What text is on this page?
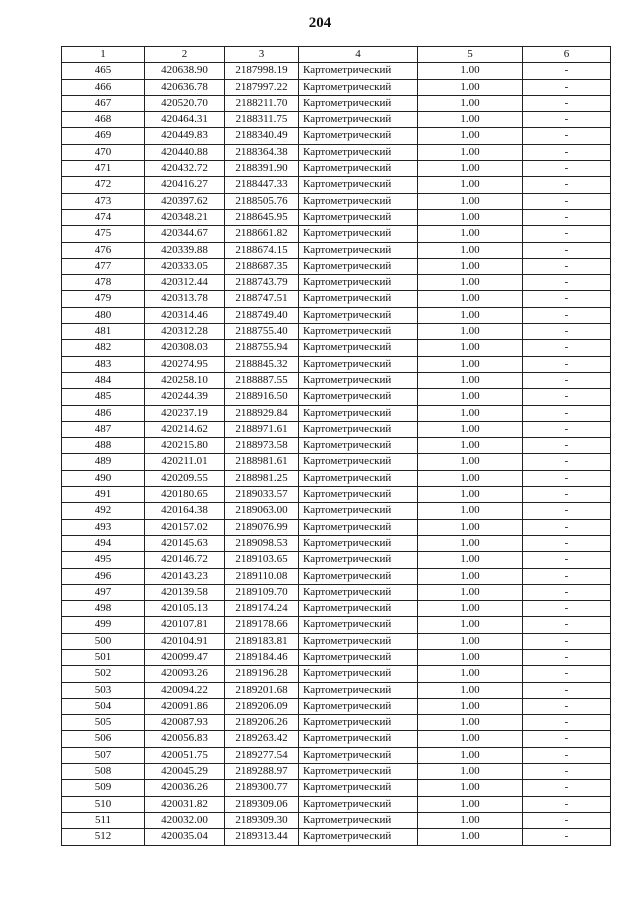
204
1	2	3	4	5	6
465	420638.90	2187998.19	Картометрический	1.00	-
466	420636.78	2187997.22	Картометрический	1.00	-
467	420520.70	2188211.70	Картометрический	1.00	-
468	420464.31	2188311.75	Картометрический	1.00	-
469	420449.83	2188340.49	Картометрический	1.00	-
470	420440.88	2188364.38	Картометрический	1.00	-
471	420432.72	2188391.90	Картометрический	1.00	-
472	420416.27	2188447.33	Картометрический	1.00	-
473	420397.62	2188505.76	Картометрический	1.00	-
474	420348.21	2188645.95	Картометрический	1.00	-
475	420344.67	2188661.82	Картометрический	1.00	-
476	420339.88	2188674.15	Картометрический	1.00	-
477	420333.05	2188687.35	Картометрический	1.00	-
478	420312.44	2188743.79	Картометрический	1.00	-
479	420313.78	2188747.51	Картометрический	1.00	-
480	420314.46	2188749.40	Картометрический	1.00	-
481	420312.28	2188755.40	Картометрический	1.00	-
482	420308.03	2188755.94	Картометрический	1.00	-
483	420274.95	2188845.32	Картометрический	1.00	-
484	420258.10	2188887.55	Картометрический	1.00	-
485	420244.39	2188916.50	Картометрический	1.00	-
486	420237.19	2188929.84	Картометрический	1.00	-
487	420214.62	2188971.61	Картометрический	1.00	-
488	420215.80	2188973.58	Картометрический	1.00	-
489	420211.01	2188981.61	Картометрический	1.00	-
490	420209.55	2188981.25	Картометрический	1.00	-
491	420180.65	2189033.57	Картометрический	1.00	-
492	420164.38	2189063.00	Картометрический	1.00	-
493	420157.02	2189076.99	Картометрический	1.00	-
494	420145.63	2189098.53	Картометрический	1.00	-
495	420146.72	2189103.65	Картометрический	1.00	-
496	420143.23	2189110.08	Картометрический	1.00	-
497	420139.58	2189109.70	Картометрический	1.00	-
498	420105.13	2189174.24	Картометрический	1.00	-
499	420107.81	2189178.66	Картометрический	1.00	-
500	420104.91	2189183.81	Картометрический	1.00	-
501	420099.47	2189184.46	Картометрический	1.00	-
502	420093.26	2189196.28	Картометрический	1.00	-
503	420094.22	2189201.68	Картометрический	1.00	-
504	420091.86	2189206.09	Картометрический	1.00	-
505	420087.93	2189206.26	Картометрический	1.00	-
506	420056.83	2189263.42	Картометрический	1.00	-
507	420051.75	2189277.54	Картометрический	1.00	-
508	420045.29	2189288.97	Картометрический	1.00	-
509	420036.26	2189300.77	Картометрический	1.00	-
510	420031.82	2189309.06	Картометрический	1.00	-
511	420032.00	2189309.30	Картометрический	1.00	-
512	420035.04	2189313.44	Картометрический	1.00	-
